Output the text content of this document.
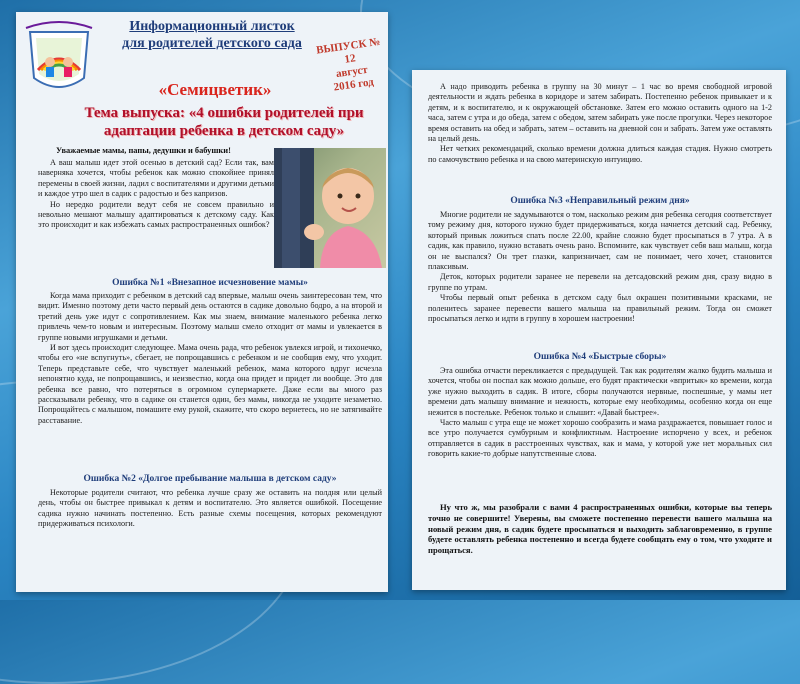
Информационный листок
для родителей детского сада
«Семицветик»
ВЫПУСК № 12
август
2016 год
Тема выпуска: «4 ошибки родителей при
адаптации ребенка в детском саду»
Уважаемые мамы, папы, дедушки и бабушки!

А ваш малыш идет этой осенью в детский сад? Если так, вам наверняка хочется, чтобы ребенок как можно спокойнее принял перемены в своей жизни, ладил с воспитателями и другими детьми и каждое утро шел в садик с радостью и без капризов.

Но нередко родители ведут себя не совсем правильно и невольно мешают малышу адаптироваться к детскому саду. Как это происходит и как избежать самых распространенных ошибок?

Ошибка №1 «Внезапное исчезновение мамы»

Когда мама приходит с ребенком в детский сад впервые, малыш очень заинтересован тем, что видит. Именно поэтому дети часто первый день остаются в садике довольно бодро, а на второй и третий день уже идут с сопротивлением. Как мы знаем, внимание маленького ребенка легко привлечь чем-то новым и интересным. Поэтому малыш смело отходит от мамы и увлекается в группе новыми игрушками и детьми.

И вот здесь происходит следующее. Мама очень рада, что ребенок увлекся игрой, и тихонечко, чтобы его «не вспугнуть», сбегает, не попрощавшись с ребенком и не сообщив ему, что уходит. Теперь представьте себе, что чувствует маленький ребенок, мама которого вдруг исчезла непонятно куда, не попрощавшись, и неизвестно, когда она придет и придет ли вообще. Это для ребенка все равно, что потеряться в огромном супермаркете. Даже если вы много раз рассказывали ребенку, что в садике он станется один, без мамы, никогда не уходите незаметно. Попрощайтесь с малышом, помашите ему рукой, скажите, что скоро вернетесь, но не затягивайте расставание.

Ошибка №2 «Долгое пребывание малыша в детском саду»

Некоторые родители считают, что ребенка лучше сразу же оставить на полдня или целый день, чтобы он быстрее привыкал к детям и воспитателю. Это является ошибкой. Посещение садика нужно начинать постепенно. Есть разные схемы посещения, которых рекомендуют придерживаться психологи.

А надо приводить ребенка в группу на 30 минут – 1 час во время свободной игровой деятельности и ждать ребенка в коридоре и затем забирать. Постепенно ребенок привыкает и к детям, и к воспитателю, и к окружающей обстановке. Затем его можно оставить одного на 1-2 часа, затем с утра и до обеда, затем с обедом, затем забирать уже после прогулки. Через некоторое время оставить на обед и забрать, затем – оставить на дневной сон и забрать. Затем уже оставлять на целый день.

Нет четких рекомендаций, сколько времени должна длиться каждая стадия. Нужно смотреть по самочувствию ребенка и на свою материнскую интуицию.

Ошибка №3 «Неправильный режим дня»

Многие родители не задумываются о том, насколько режим дня ребенка сегодня соответствует тому режиму дня, которого нужно будет придерживаться, когда начнется детский сад. Ребенку, который привык ложиться спать после 22.00, крайне сложно будет просыпаться в 7 утра. А в садик, как правило, нужно вставать очень рано. Вспомните, как чувствует себя ваш малыш, когда он не выспался? Он трет глазки, капризничает, сам не понимает, чего хочет, становится плаксивым.

Деток, которых родители заранее не перевели на детсадовский режим дня, сразу видно в группе по утрам.

Чтобы первый опыт ребенка в детском саду был окрашен позитивными красками, не поленитесь заранее перевести вашего малыша на правильный режим. Тогда он сможет просыпаться легко и идти в группу в хорошем настроении!

Ошибка №4 «Быстрые сборы»

Эта ошибка отчасти перекликается с предыдущей. Так как родителям жалко будить малыша и хочется, чтобы он поспал как можно дольше, его будят практически «впритык» ко времени, когда уже нужно выходить в садик. В итоге, сборы получаются нервные, поспешные, у мамы нет времени дать малышу внимание и нежность, которые ему необходимы, особенно когда он еще нежится в постельке. Ребенок только и слышит: «Давай быстрее».

Часто малыш с утра еще не может хорошо сообразить и мама раздражается, повышает голос и все утро получается сумбурным и конфликтным. Настроение испорчено у всех, и ребенок отправляется в садик в расстроенных чувствах, как и мама, у которой уже нет моральных сил говорить какие-то добрые напутственные слова.

Ну что ж, мы разобрали с вами 4 распространенных ошибки, которые вы теперь точно не совершите! Уверены, вы сможете постепенно перевести вашего малыша на новый режим дня, в садик будете просыпаться и выходить заблаговременно, в группе будете оставлять ребенка постепенно и всегда будете сообщать ему о том, что уходите и прощаться.
